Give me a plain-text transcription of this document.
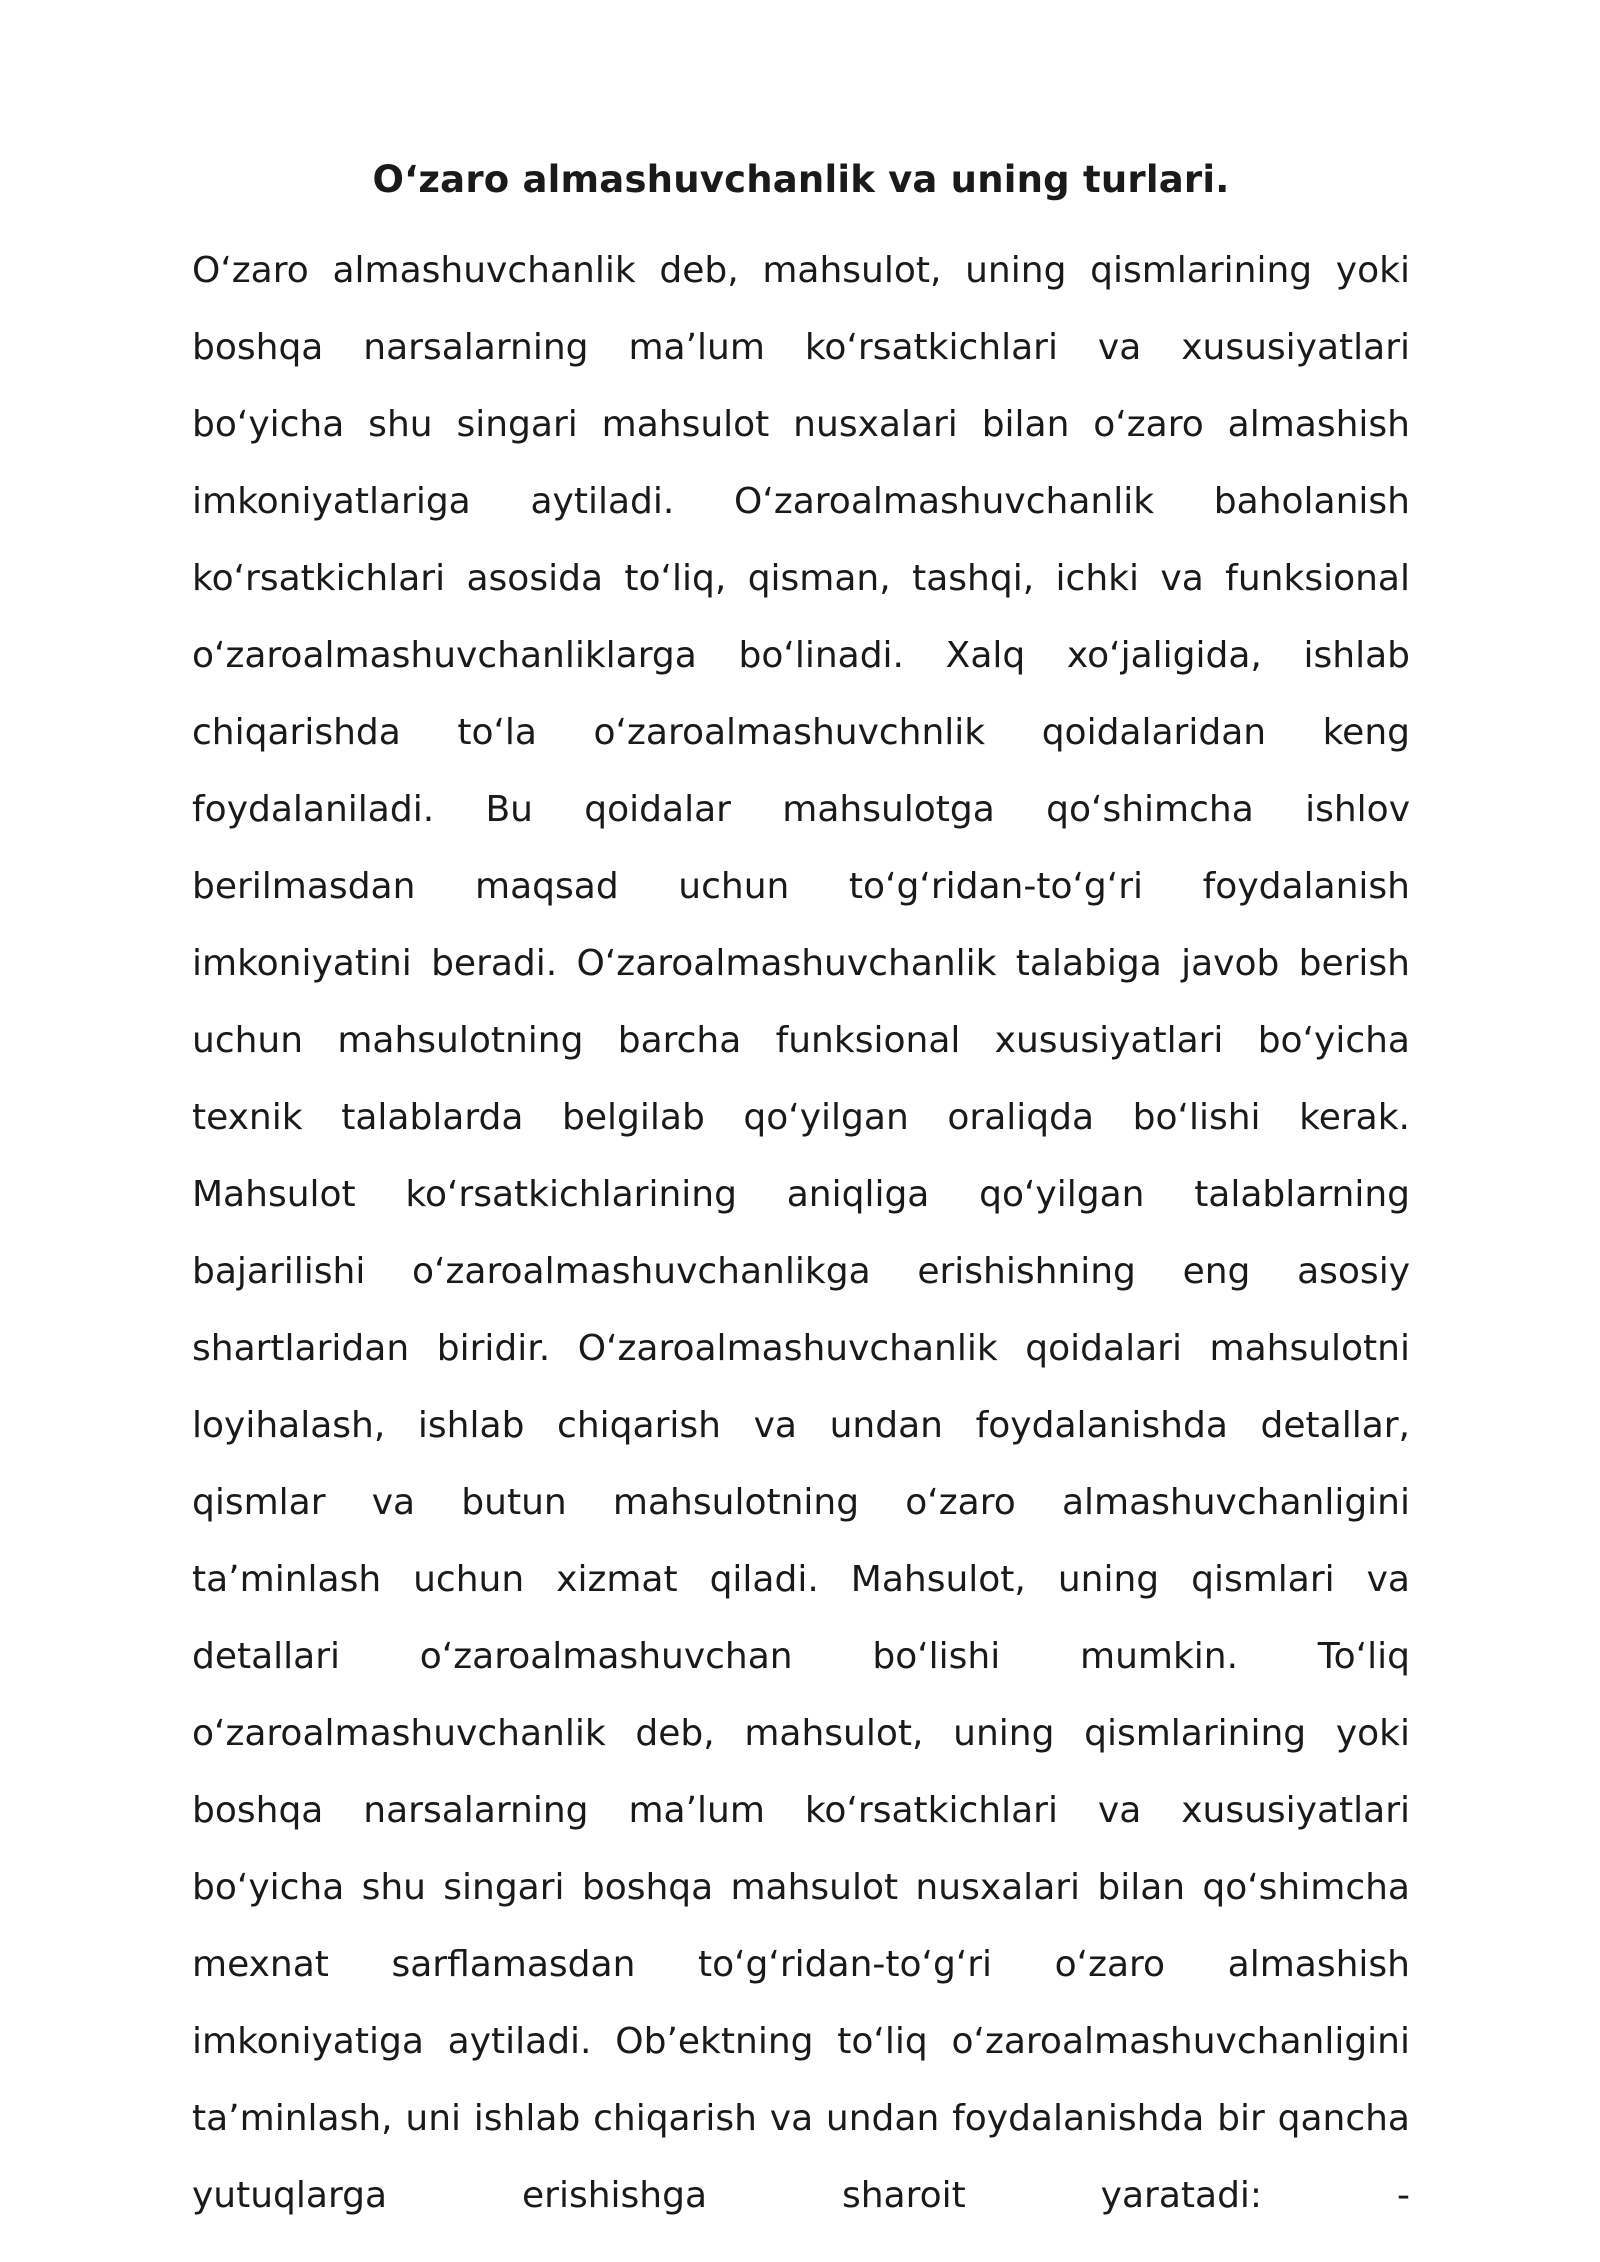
O‘zaro almashuvchanlik va uning turlari.

O‘zaro almashuvchanlik deb, mahsulot, uning qismlarining yoki boshqa narsalarning ma’lum ko‘rsatkichlari va xususiyatlari bo‘yicha shu singari mahsulot nusxalari bilan o‘zaro almashish imkoniyatlariga aytiladi. O‘zaroalmashuvchanlik baholanish ko‘rsatkichlari asosida to‘liq, qisman, tashqi, ichki va funksional o‘zaroalmashuvchanliklarga bo‘linadi. Xalq xo‘jaligida, ishlab chiqarishda to‘la o‘zaroalmashuvchnlik qoidalaridan keng foydalaniladi. Bu qoidalar mahsulotga qo‘shimcha ishlov berilmasdan maqsad uchun to‘g‘ridan-to‘g‘ri foydalanish imkoniyatini beradi. O‘zaroalmashuvchanlik talabiga javob berish uchun mahsulotning barcha funksional xususiyatlari bo‘yicha texnik talablarda belgilab qo‘yilgan oraliqda bo‘lishi kerak. Mahsulot ko‘rsatkichlarining aniqliga qo‘yilgan talablarning bajarilishi o‘zaroalmashuvchanlikga erishishning eng asosiy shartlaridan biridir. O‘zaroalmashuvchanlik qoidalari mahsulotni loyihalash, ishlab chiqarish va undan foydalanishda detallar, qismlar va butun mahsulotning o‘zaro almashuvchanligini ta’minlash uchun xizmat qiladi. Mahsulot, uning qismlari va detallari o‘zaroalmashuvchan bo‘lishi mumkin. To‘liq o‘zaroalmashuvchanlik deb, mahsulot, uning qismlarining yoki boshqa narsalarning ma’lum ko‘rsatkichlari va xususiyatlari bo‘yicha shu singari boshqa mahsulot nusxalari bilan qo‘shimcha mexnat sarflamasdan to‘g‘ridan-to‘g‘ri o‘zaro almashish imkoniyatiga aytiladi. Ob’ektning to‘liq o‘zaroalmashuvchanligini ta’minlash, uni ishlab chiqarish va undan foydalanishda bir qancha yutuqlarga erishishga sharoit yaratadi: -
